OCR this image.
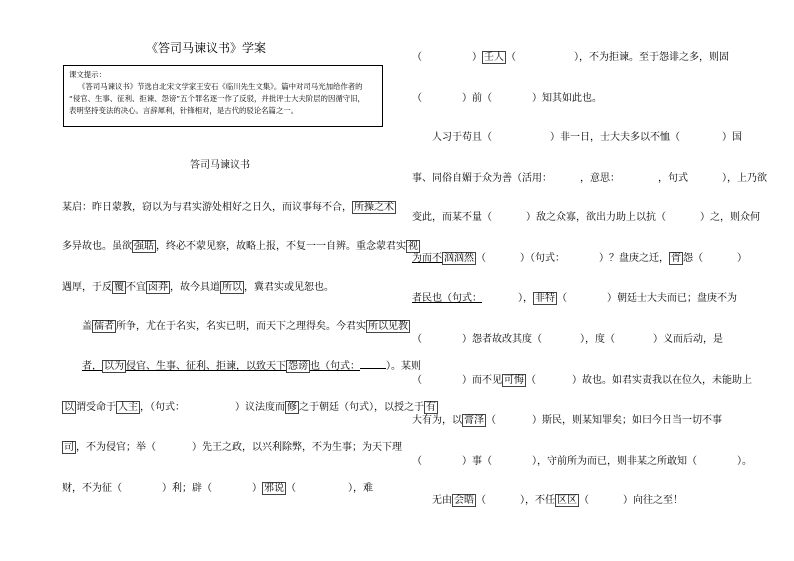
《答司马谏议书》学案
课文提示：
《答司马谏议书》节选自北宋文学家王安石《临川先生文集》。篇中对司马光加给作者的
“侵官、生事、征利、拒谏、怨谤”五个罪名逐一作了反驳，并批评士大夫阶层的因循守旧，
表明坚持变法的决心。言辞犀利，针锋相对，是古代的驳论名篇之一。
答司马谏议书
某启：昨日蒙教，窃以为与君实游处相好之日久，而议事每不合， 所操之术
多异故也。虽欲 强聒 ，终必不蒙见察，故略上报，不复一一自辨。重念蒙君实 视
遇厚，于反 覆 不宜 卤莽 ，故今具道 所以 ，冀君实或见恕也。
盖 儒者 所争，尤在于名实，名实已明，而天下之理得矣。今君实 所以见教
者， 以为 侵官、生事、征利、拒谏，以致天下 怨谤 也（句式：	）。某则
以 谓受命于 人主 ，（句式：	）议法度而 修 之于朝廷（句式），以授之于 有
司 ，不为侵官；举（	）先王之政，以兴利除弊，不为生事；为天下理
财，不为征（	）利；辟（	） 邪说 （	），难
（	） 壬人 （	），不为拒谏。至于怨诽之多，则固
（	）前（	）知其如此也。
人习于苟且（	）非一日，士大夫多以不恤（	）国
事、同俗自媚于众为善（活用：	，意思：	，句式	），上乃欲
变此，而某不量（	）敌之众寡，欲出力助上以抗（	）之，则众何
为而不 汹汹然 （	）（句式：	）？盘庚之迁， 胥 怨（	）
者民也（句式：	）， 非特 （	）朝廷士大夫而已；盘庚不为
（	）怨者故改其度（	），度（	）义而后动，是
（	）而不见 可悔 （	）故也。如君实责我以在位久，未能助上
大有为，以 膏泽 （	）斯民，则某知罪矣；如曰今日当一切不事
（	）事（	），守前所为而已，则非某之所敢知（	）。
无由 会晤 （	），不任 区区 （	）向往之至！
